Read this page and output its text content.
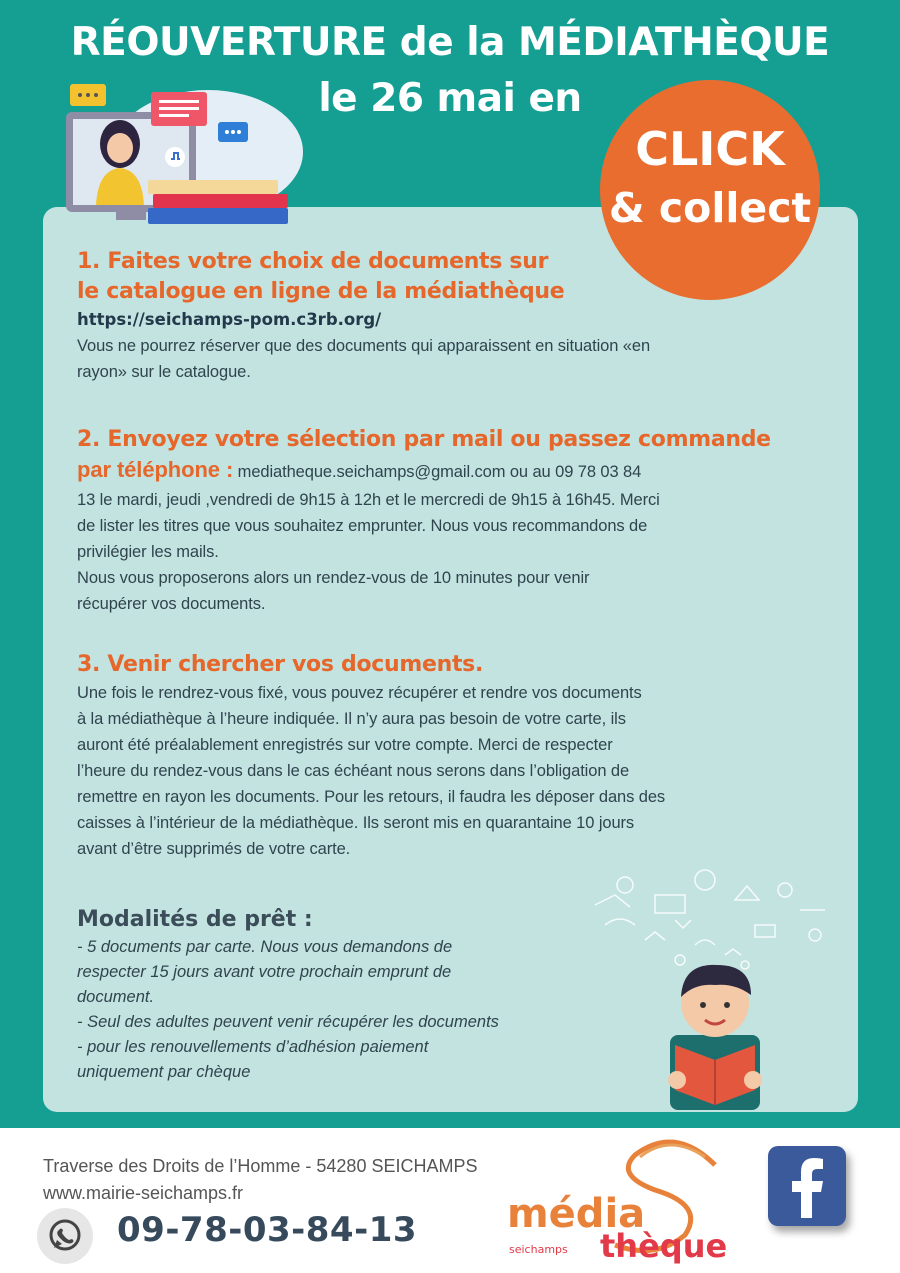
RÉOUVERTURE de la MÉDIATHÈQUE
le 26 mai en
CLICK
& collect
1. Faites votre choix de documents sur
le catalogue en ligne de la médiathèque
https://seichamps-pom.c3rb.org/
Vous ne pourrez réserver que des documents qui apparaissent en situation «en
rayon» sur le catalogue.
2. Envoyez votre sélection par mail ou passez commande
par téléphone : mediatheque.seichamps@gmail.com ou au 09 78 03 84
13 le mardi, jeudi ,vendredi de 9h15 à 12h et le mercredi de 9h15 à 16h45. Merci
de lister les titres que vous souhaitez emprunter. Nous vous recommandons de
privilégier les mails.
Nous vous proposerons alors un rendez-vous de 10 minutes pour venir
récupérer vos documents.
3. Venir chercher vos documents.
Une fois le rendrez-vous fixé, vous pouvez récupérer et rendre vos documents
à la médiathèque à l’heure indiquée. Il n’y aura pas besoin de votre carte, ils
auront été préalablement enregistrés sur votre compte. Merci de respecter
l’heure du rendez-vous dans le cas échéant nous serons dans l’obligation de
remettre en rayon les documents. Pour les retours, il faudra les déposer dans des
caisses à l’intérieur de la médiathèque. Ils seront mis en quarantaine 10 jours
avant d’être supprimés de votre carte.
Modalités de prêt :
- 5 documents par carte. Nous vous demandons de
respecter 15 jours avant votre prochain emprunt de
document.
- Seul des adultes peuvent venir récupérer les documents
- pour les renouvellements d’adhésion paiement
uniquement par chèque
Traverse des Droits de l’Homme - 54280 SEICHAMPS
www.mairie-seichamps.fr
09-78-03-84-13 média
thèque
seichamps
